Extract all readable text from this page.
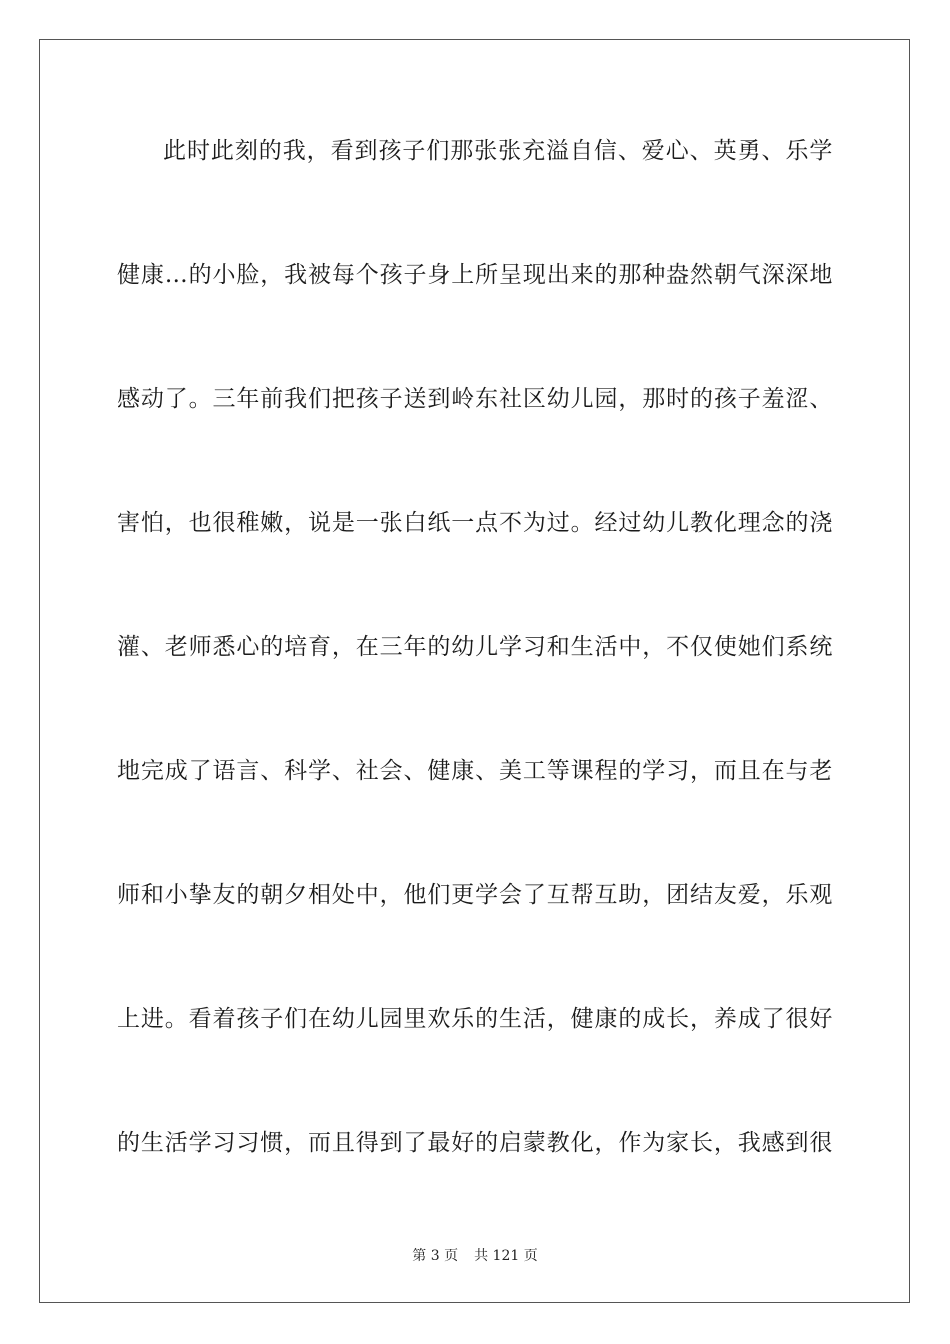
此时此刻的我，看到孩子们那张张充溢自信、爱心、英勇、乐学
健康…的小脸，我被每个孩子身上所呈现出来的那种盎然朝气深深地
感动了。三年前我们把孩子送到岭东社区幼儿园，那时的孩子羞涩、
害怕，也很稚嫩，说是一张白纸一点不为过。经过幼儿教化理念的浇
灌、老师悉心的培育，在三年的幼儿学习和生活中，不仅使她们系统
地完成了语言、科学、社会、健康、美工等课程的学习，而且在与老
师和小挚友的朝夕相处中，他们更学会了互帮互助，团结友爱，乐观
上进。看着孩子们在幼儿园里欢乐的生活，健康的成长，养成了很好
的生活学习习惯，而且得到了最好的启蒙教化，作为家长，我感到很
第 3 页 共 121 页
